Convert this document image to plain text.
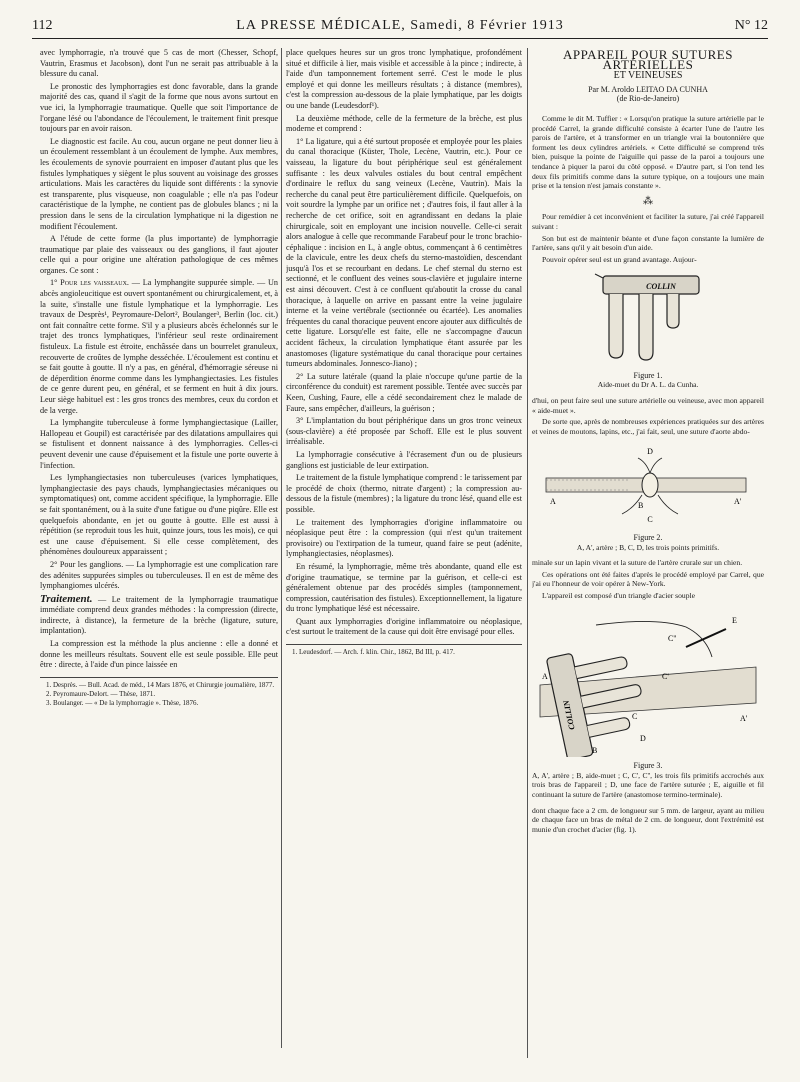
112	LA PRESSE MÉDICALE, Samedi, 8 Février 1913	N° 12

avec lymphorragie, n'a trouvé que 5 cas de mort (Chesser, Schopf, Vautrin, Erasmus et Jacobson), dont l'un ne serait pas attribuable à la blessure du canal.

Le pronostic des lymphorragies est donc favorable, dans la grande majorité des cas, quand il s'agit de la forme que nous avons surtout en vue ici, la lymphorragie traumatique. Quelle que soit l'importance de l'organe lésé ou l'abondance de l'écoulement, le traitement finit presque toujours par en avoir raison.

Le diagnostic est facile. Au cou, aucun organe ne peut donner lieu à un écoulement ressemblant à un écoulement de lymphe. Aux membres, les écoulements de synovie pourraient en imposer d'autant plus que les fistules lymphatiques y siègent le plus souvent au voisinage des grosses articulations. Mais les caractères du liquide sont différents : la synovie est transparente, plus visqueuse, non coagulable ; elle n'a pas l'odeur caractéristique de la lymphe, ne contient pas de globules blancs ; ni la pression dans le sens de la circulation lymphatique ni la digestion ne modifient l'écoulement.

A l'étude de cette forme (la plus importante) de lymphorragie traumatique par plaie des vaisseaux ou des ganglions, il faut ajouter celle qui a pour origine une altération pathologique de ces mêmes organes. Ce sont :

1° Pour les vaisseaux. — La lymphangite suppurée simple. — Un abcès angioleucitique est ouvert spontanément ou chirurgicalement, et, à la suite, s'installe une fistule lymphatique et la lymphorragie. Les travaux de Desprès¹, Peyromaure-Delort², Boulanger³, Berlin (loc. cit.) ont fait connaître cette forme. S'il y a plusieurs abcès échelonnés sur le trajet des troncs lymphatiques, l'inférieur seul reste ordinairement fistuleux. La fistule est étroite, enchâssée dans un bourrelet granuleux, recouverte de croûtes de lymphe desséchée. L'écoulement est continu et se fait goutte à goutte. Il n'y a pas, en général, d'hémorragie séreuse ni de déperdition énorme comme dans les lymphangiectasies. Les fistules de ce genre durent peu, en général, et se ferment en huit à dix jours. Leur siège habituel est : les gros troncs des membres, ceux du cordon et de la verge.

La lymphangite tuberculeuse à forme lymphangiectasique (Lailler, Hallopeau et Goupil) est caractérisée par des dilatations ampullaires qui se fistulisent et donnent naissance à des lymphorragies. Celles-ci peuvent devenir une cause d'épuisement et la fistule une porte ouverte à l'infection.

Les lymphangiectasies non tuberculeuses (varices lymphatiques, lymphangiectasie des pays chauds, lymphangiectasies mécaniques ou symptomatiques) ont, comme accident spécifique, la lymphorragie. Elle se fait spontanément, ou à la suite d'une fatigue ou d'une piqûre. Elle est quelquefois abondante, en jet ou goutte à goutte. Elle est aussi à répétition (se reproduit tous les huit, quinze jours, tous les mois), ce qui est une cause d'épuisement. Si elle cesse complètement, des phénomènes douloureux apparaissent ;

2° Pour les ganglions. — La lymphorragie est une complication rare des adénites suppurées simples ou tuberculeuses. Il en est de même des lymphangiomes ulcérés.

Traitement. — Le traitement de la lymphorragie traumatique immédiate comprend deux grandes méthodes : la compression (directe, indirecte, à distance), la fermeture de la brèche (ligature, suture, implantation).

La compression est la méthode la plus ancienne : elle a donné et donne les meilleurs résultats. Souvent elle est seule possible. Elle peut être : directe, à l'aide d'un pince laissée en

1. Desprès. — Bull. Acad. de méd., 14 Mars 1876, et Chirurgie journalière, 1877.

2. Peyromaure-Delort. — Thèse, 1871.

3. Boulanger. — « De la lymphorragie ». Thèse, 1876.

place quelques heures sur un gros tronc lymphatique, profondément situé et difficile à lier, mais visible et accessible à la pince ; indirecte, à l'aide d'un tamponnement fortement serré. C'est le mode le plus employé et qui donne les meilleurs résultats ; à distance (membres), c'est la compression au-dessous de la plaie lymphatique, par les doigts ou une bande (Leudesdorf¹).

La deuxième méthode, celle de la fermeture de la brèche, est plus moderne et comprend :

1° La ligature, qui a été surtout proposée et employée pour les plaies du canal thoracique (Küster, Thole, Lecène, Vautrin, etc.). Pour ce vaisseau, la ligature du bout périphérique seul est généralement suffisante : les deux valvules ostiales du bout central empêchent d'ordinaire le reflux du sang veineux (Lecène, Vautrin). Mais la recherche du canal peut être particulièrement difficile. Quelquefois, on voit sourdre la lymphe par un orifice net ; d'autres fois, il faut aller à la recherche de cet orifice, soit en agrandissant en dedans la plaie chirurgicale, soit en employant une incision nouvelle. Celle-ci serait alors analogue à celle que recommande Farabeuf pour le tronc brachio-céphalique : incision en L, à angle obtus, commençant à 6 centimètres de la clavicule, entre les deux chefs du sterno-mastoïdien, descendant jusqu'à l'os et se recourbant en dedans. Le chef sternal du sterno est sectionné, et le confluent des veines sous-clavière et jugulaire interne est ainsi découvert. C'est à ce confluent qu'aboutit la crosse du canal thoracique, à laquelle on arrive en passant entre la veine jugulaire interne et la veine vertébrale (sectionnée ou écartée). Les anomalies fréquentes du canal thoracique peuvent encore ajouter aux difficultés de cette ligature. Lorsqu'elle est faite, elle ne s'accompagne d'aucun accident fâcheux, la circulation lymphatique étant assurée par les anastomoses (ligature systématique du canal thoracique pour certaines tumeurs abdominales. Jonnesco-Jiano) ;

2° La suture latérale (quand la plaie n'occupe qu'une partie de la circonférence du conduit) est rarement possible. Tentée avec succès par Keen, Cushing, Faure, elle a cédé secondairement chez le malade de Faure, sans empêcher, d'ailleurs, la guérison ;

3° L'implantation du bout périphérique dans un gros tronc veineux (sous-clavière) a été proposée par Schoff. Elle est le plus souvent irréalisable.

La lymphorragie consécutive à l'écrasement d'un ou de plusieurs ganglions est justiciable de leur extirpation.

Le traitement de la fistule lymphatique comprend : le tarissement par le procédé de choix (thermo, nitrate d'argent) ; la compression au-dessous de la fistule (membres) ; la ligature du tronc lésé, quand elle est possible.

Le traitement des lymphorragies d'origine inflammatoire ou néoplasique peut être : la compression (qui n'est qu'un traitement provisoire) ou l'extirpation de la tumeur, quand faire se peut (adénite, lymphangiectasies, néoplasmes).

En résumé, la lymphorragie, même très abondante, quand elle est d'origine traumatique, se termine par la guérison, et celle-ci est généralement obtenue par des procédés simples (tamponnement, compression, cautérisation des fistules). Exceptionnellement, la ligature du tronc lymphatique lésé est nécessaire.

Quant aux lymphorragies d'origine inflammatoire ou néoplasique, c'est surtout le traitement de la cause qui doit être envisagé pour elles.

1. Leudesdorf. — Arch. f. klin. Chir., 1862, Bd III, p. 417.

APPAREIL POUR SUTURES ARTÉRIELLES
ET VEINEUSES
Par M. Aroldo LEITAO DA CUNHA
(de Rio-de-Janeiro)

Comme le dit M. Tuffier : « Lorsqu'on pratique la suture artérielle par le procédé Carrel, la grande difficulté consiste à écarter l'une de l'autre les parois de l'artère, et à transformer en un triangle vrai la boutonnière que forment les deux cylindres artériels. « Cette difficulté se comprend très bien, puisque la pointe de l'aiguille qui passe de la paroi a toujours une tendance à piquer la paroi du côté opposé. « D'autre part, si l'on tend les deux fils primitifs comme dans la suture typique, on a toujours une main prise et la tension n'est jamais constante ».

⁂

Pour remédier à cet inconvénient et faciliter la suture, j'ai créé l'appareil suivant :

Son but est de maintenir béante et d'une façon constante la lumière de l'artère, sans qu'il y ait besoin d'un aide.

Pouvoir opérer seul est un grand avantage. Aujour-

COLLIN

Figure 1.

Aide-muet du Dr A. L. da Cunha.

d'hui, on peut faire seul une suture artérielle ou veineuse, avec mon appareil « aide-muet ».

De sorte que, après de nombreuses expériences pratiquées sur des artères et veines de moutons, lapins, etc., j'ai fait, seul, une suture d'aorte abdo-

D
A	A'
B
C

Figure 2.

A, A', artère ; B, C, D, les trois points primitifs.

minale sur un lapin vivant et la suture de l'artère crurale sur un chien.

Ces opérations ont été faites d'après le procédé employé par Carrel, que j'ai eu l'honneur de voir opérer à New-York.

L'appareil est composé d'un triangle d'acier souple

COLLIN
A
A'
B
C
C'
C''
D
E

Figure 3.

A, A', artère ; B, aide-muet ; C, C', C'', les trois fils primitifs accrochés aux trois bras de l'appareil ; D, une face de l'artère suturée ; E, aiguille et fil continuant la suture de l'artère (anastomose termino-terminale).

dont chaque face a 2 cm. de longueur sur 5 mm. de largeur, ayant au milieu de chaque face un bras de métal de 2 cm. de longueur, dont l'extrémité est munie d'un crochet d'acier (fig. 1).
